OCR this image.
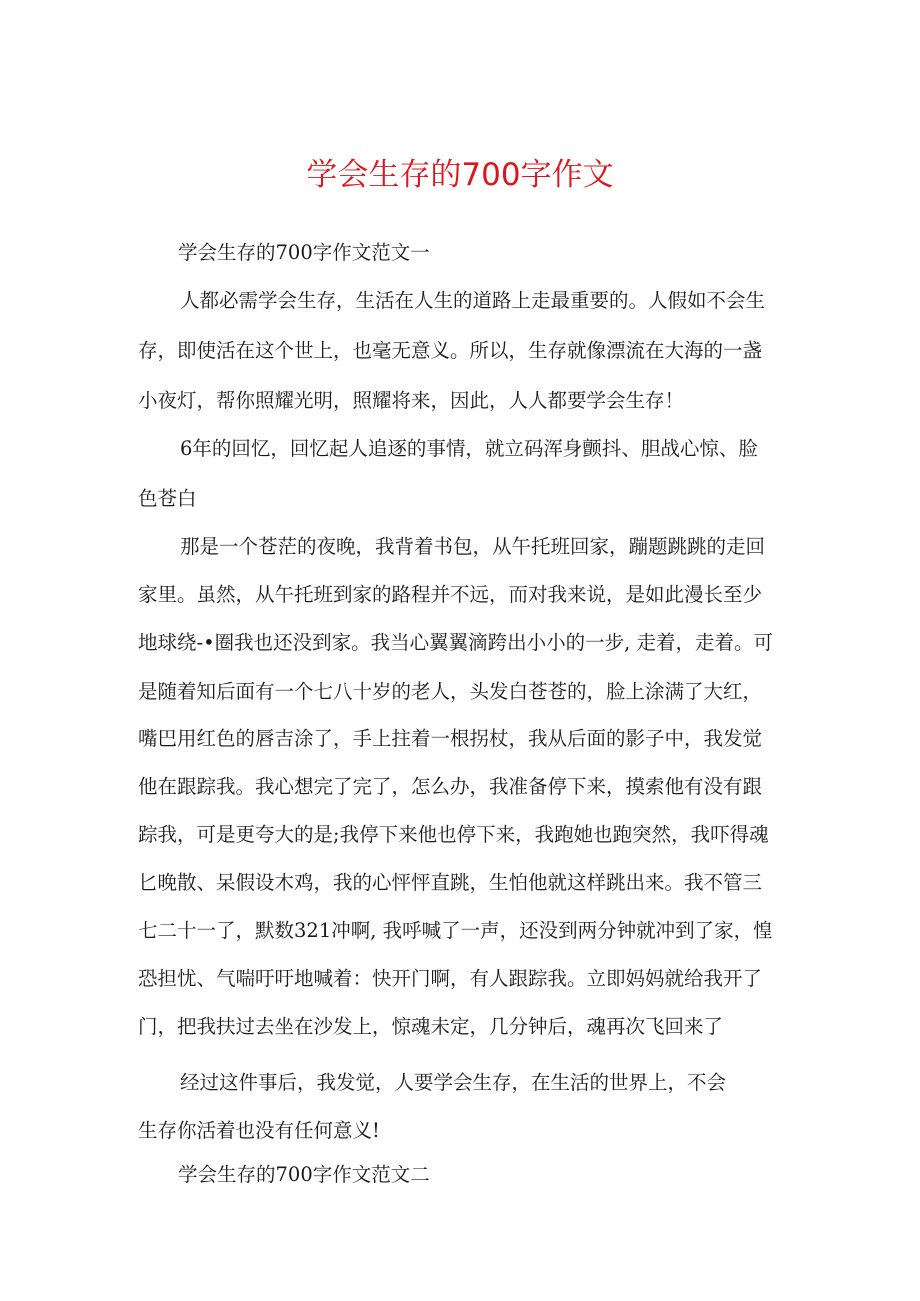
学会生存的700字作文
学会生存的700字作文范文一
人都必需学会生存，生活在人生的道路上走最重要的。人假如不会生
存，即使活在这个世上，也毫无意义。所以，生存就像漂流在大海的一盏
小夜灯，帮你照耀光明，照耀将来，因此，人人都要学会生存！
6年的回忆，回忆起人追逐的事情，就立码浑身颤抖、胆战心惊、脸
色苍白
那是一个苍茫的夜晚，我背着书包，从午托班回家，蹦题跳跳的走回
家里。虽然，从午托班到家的路程并不远，而对我来说，是如此漫长至少
地球绕-•圈我也还没到家。我当心翼翼滴跨出小小的一步, 走着，走着。可
是随着知后面有一个七八十岁的老人，头发白苍苍的，脸上涂满了大红，
嘴巴用红色的唇吉涂了，手上拄着一根拐杖，我从后面的影子中，我发觉
他在跟踪我。我心想完了完了，怎么办，我准备停下来，摸索他有没有跟
踪我，可是更夸大的是;我停下来他也停下来，我跑她也跑突然，我吓得魂
匕晚散、呆假设木鸡，我的心怦怦直跳，生怕他就这样跳出来。我不管三
七二十一了，默数321冲啊, 我呼喊了一声，还没到两分钟就冲到了家，惶
恐担忧、气喘吁吁地喊着：快开门啊，有人跟踪我。立即妈妈就给我开了
门，把我扶过去坐在沙发上，惊魂未定，几分钟后，魂再次飞回来了
经过这件事后，我发觉，人要学会生存，在生活的世界上，不会
生存你活着也没有任何意义!
学会生存的700字作文范文二
